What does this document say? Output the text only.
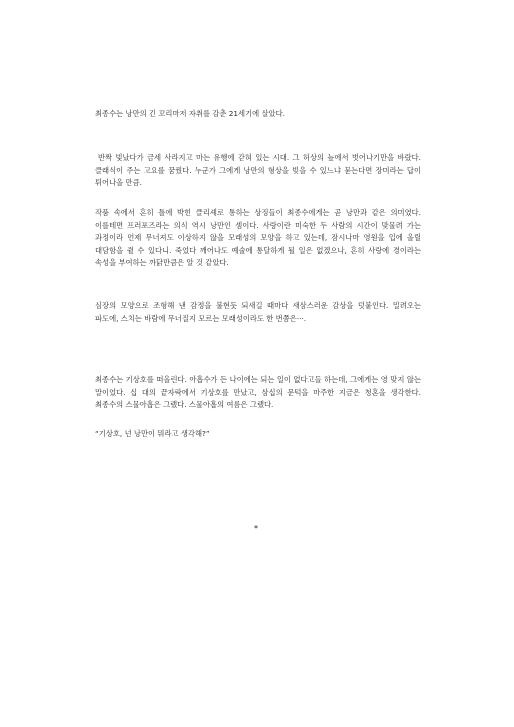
최종수는 낭만의 긴 꼬리마저 자취를 감춘 21세기에 살았다.

반짝 빛났다가 금세 사라지고 마는 유행에 갇혀 있는 시대. 그 허상의 늪에서 벗어나기만을 바랐다. 클래식이 주는 고요를 꿈꿨다. 누군가 그에게 낭만의 형상을 빚을 수 있느냐 묻는다면 장미라는 답이 튀어나올 만큼.

작품 속에서 흔히 틀에 박힌 클리셰로 통하는 상징들이 최종수에게는 곧 낭만과 같은 의미였다. 이를테면 프러포즈라는 의식 역시 낭만인 셈이다. 사랑이란 미숙한 두 사람의 시간이 맞물려 가는 과정이라 언제 무너져도 이상하지 않을 모래성의 모양을 하고 있는데, 잠시나마 영원을 입에 올릴 대담함을 쥘 수 있다니. 죽었다 깨어나도 예술에 통달하게 될 일은 없겠으나, 흔히 사랑에 경이라는 속성을 부여하는 까닭만큼은 알 것 같았다.

심장의 모양으로 조형해 낸 감정을 불현듯 되새길 때마다 새삼스러운 감상을 덧붙인다. 밀려오는 파도에, 스치는 바람에 무너질지 모르는 모래성이라도 한 번쯤은···.

최종수는 기상호를 떠올린다. 아홉수가 든 나이에는 되는 일이 없다고들 하는데, 그에게는 영 맞지 않는 말이었다. 십 대의 끝자락에서 기상호를 만났고, 삼십의 문턱을 마주한 지금은 청혼을 생각한다. 최종수의 스물아홉은 그랬다. 스물아홉의 여름은 그랬다.

“기상호, 넌 낭만이 뭐라고 생각해?”

*
